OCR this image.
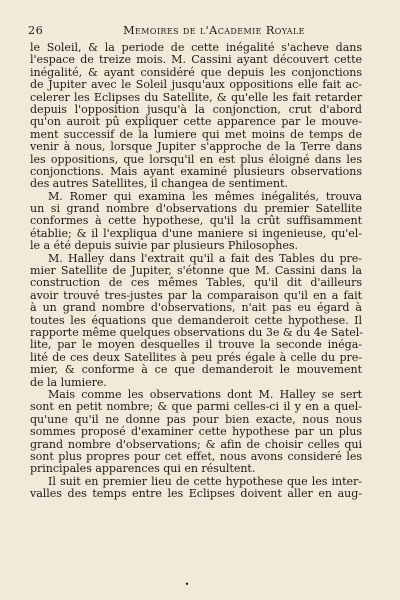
26	Memoires de l'Academie Royale
le Soleil, & la periode de cette inégalité s'acheve dans
l'espace de treize mois. M. Cassini ayant découvert cette
inégalité, & ayant considéré que depuis les conjonctions
de Jupiter avec le Soleil jusqu'aux oppositions elle fait ac-
celerer les Eclipses du Satellite, & qu'elle les fait retarder
depuis l'opposition jusqu'à la conjonction, crut d'abord
qu'on auroit pû expliquer cette apparence par le mouve-
ment successif de la lumiere qui met moins de temps de
venir à nous, lorsque Jupiter s'approche de la Terre dans
les oppositions, que lorsqu'il en est plus éloigné dans les
conjonctions. Mais ayant examiné plusieurs observations
des autres Satellites, il changea de sentiment.
M. Romer qui examina les mêmes inégalités, trouva
un si grand nombre d'observations du premier Satellite
conformes à cette hypothese, qu'il la crût suffisamment
établie; & il l'expliqua d'une maniere si ingenieuse, qu'el-
le a été depuis suivie par plusieurs Philosophes.
M. Halley dans l'extrait qu'il a fait des Tables du pre-
mier Satellite de Jupiter, s'étonne que M. Cassini dans la
construction de ces mêmes Tables, qu'il dit d'ailleurs
avoir trouvé tres-justes par la comparaison qu'il en a fait
à un grand nombre d'observations, n'ait pas eu égard à
toutes les équations que demanderoit cette hypothese. Il
rapporte même quelques observations du 3e & du 4e Satel-
lite, par le moyen desquelles il trouve la seconde inéga-
lité de ces deux Satellites à peu prés égale à celle du pre-
mier, & conforme à ce que demanderoit le mouvement
de la lumiere.
Mais comme les observations dont M. Halley se sert
sont en petit nombre; & que parmi celles-ci il y en a quel-
qu'une qu'il ne donne pas pour bien exacte, nous nous
sommes proposé d'examiner cette hypothese par un plus
grand nombre d'observations; & afin de choisir celles qui
sont plus propres pour cet effet, nous avons consideré les
principales apparences qui en résultent.
Il suit en premier lieu de cette hypothese que les inter-
valles des temps entre les Eclipses doivent aller en aug-
•
